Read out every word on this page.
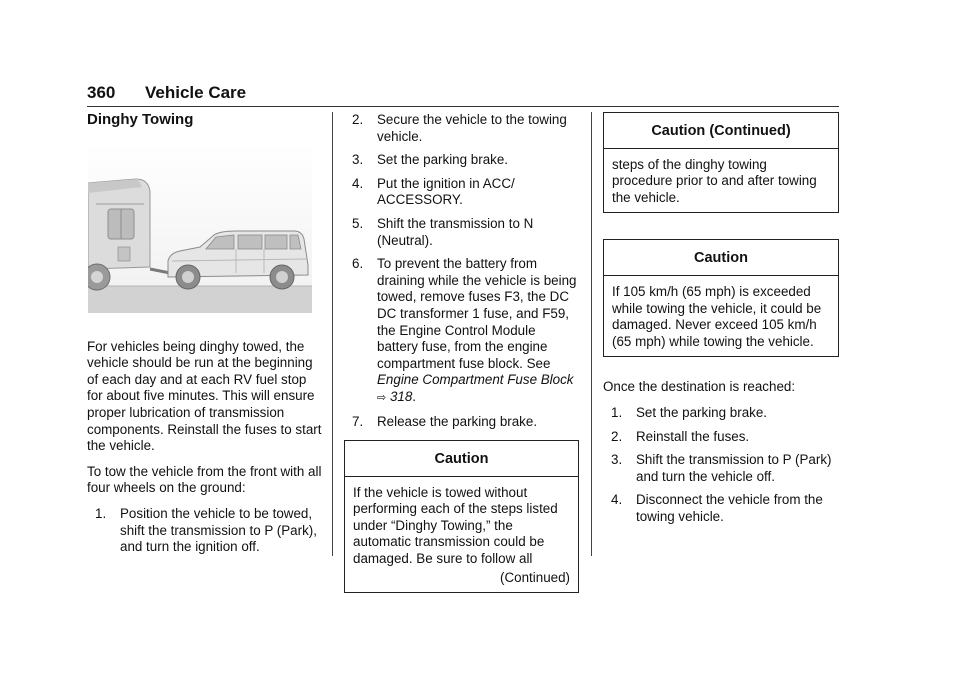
360 Vehicle Care
Dinghy Towing

For vehicles being dinghy towed, the vehicle should be run at the beginning of each day and at each RV fuel stop for about five minutes. This will ensure proper lubrication of transmission components. Reinstall the fuses to start the vehicle.

To tow the vehicle from the front with all four wheels on the ground:

1. Position the vehicle to be towed, shift the transmission to P (Park), and turn the ignition off.
2. Secure the vehicle to the towing vehicle.
3. Set the parking brake.
4. Put the ignition in ACC/ ACCESSORY.
5. Shift the transmission to N (Neutral).
6. To prevent the battery from draining while the vehicle is being towed, remove fuses F3, the DC DC transformer 1 fuse, and F59, the Engine Control Module battery fuse, from the engine compartment fuse block. See Engine Compartment Fuse Block
⇨ 318.
7. Release the parking brake.
Caution
If the vehicle is towed without performing each of the steps listed under “Dinghy Towing,” the automatic transmission could be damaged. Be sure to follow all
(Continued)
Caution (Continued)
steps of the dinghy towing procedure prior to and after towing the vehicle.
Caution
If 105 km/h (65 mph) is exceeded while towing the vehicle, it could be damaged. Never exceed 105 km/h (65 mph) while towing the vehicle.

Once the destination is reached:

1. Set the parking brake.
2. Reinstall the fuses.
3. Shift the transmission to P (Park) and turn the vehicle off.
4. Disconnect the vehicle from the towing vehicle.
